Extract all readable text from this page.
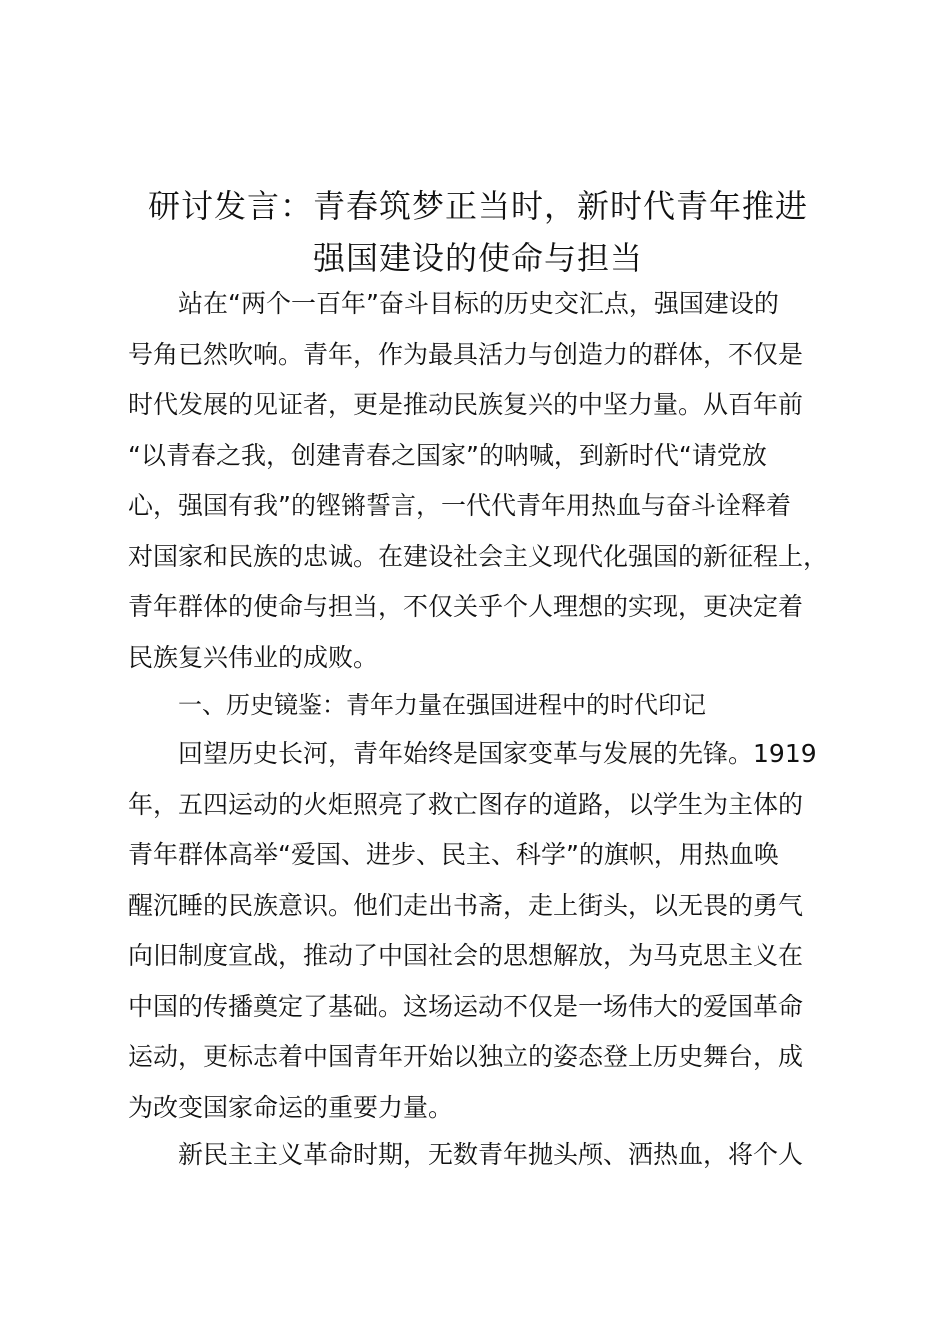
研讨发言：青春筑梦正当时，新时代青年推进
强国建设的使命与担当
站在“两个一百年”奋斗目标的历史交汇点，强国建设的
号角已然吹响。青年，作为最具活力与创造力的群体，不仅是
时代发展的见证者，更是推动民族复兴的中坚力量。从百年前
“以青春之我，创建青春之国家”的呐喊，到新时代“请党放
心，强国有我”的铿锵誓言，一代代青年用热血与奋斗诠释着
对国家和民族的忠诚。在建设社会主义现代化强国的新征程上，
青年群体的使命与担当，不仅关乎个人理想的实现，更决定着
民族复兴伟业的成败。
一、历史镜鉴：青年力量在强国进程中的时代印记
回望历史长河，青年始终是国家变革与发展的先锋。1919
年，五四运动的火炬照亮了救亡图存的道路，以学生为主体的
青年群体高举“爱国、进步、民主、科学”的旗帜，用热血唤
醒沉睡的民族意识。他们走出书斋，走上街头，以无畏的勇气
向旧制度宣战，推动了中国社会的思想解放，为马克思主义在
中国的传播奠定了基础。这场运动不仅是一场伟大的爱国革命
运动，更标志着中国青年开始以独立的姿态登上历史舞台，成
为改变国家命运的重要力量。
新民主主义革命时期，无数青年抛头颅、洒热血，将个人
